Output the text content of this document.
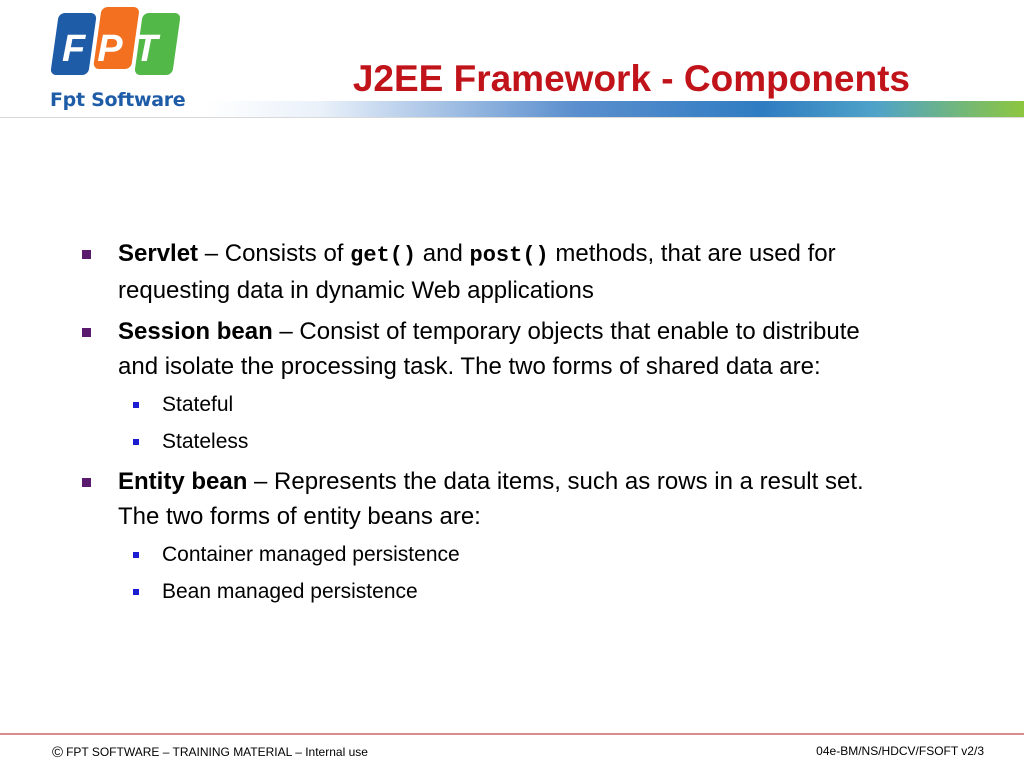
FPT
Fpt Software
J2EE Framework - Components
Servlet – Consists of get() and post() methods, that are used for requesting data in dynamic Web applications
Session bean – Consist of temporary objects that enable to distribute and isolate the processing task. The two forms of shared data are:
Stateful
Stateless
Entity bean – Represents the data items, such as rows in a result set. The two forms of entity beans are:
Container managed persistence
Bean managed persistence
© FPT SOFTWARE – TRAINING MATERIAL – Internal use	04e-BM/NS/HDCV/FSOFT v2/3
